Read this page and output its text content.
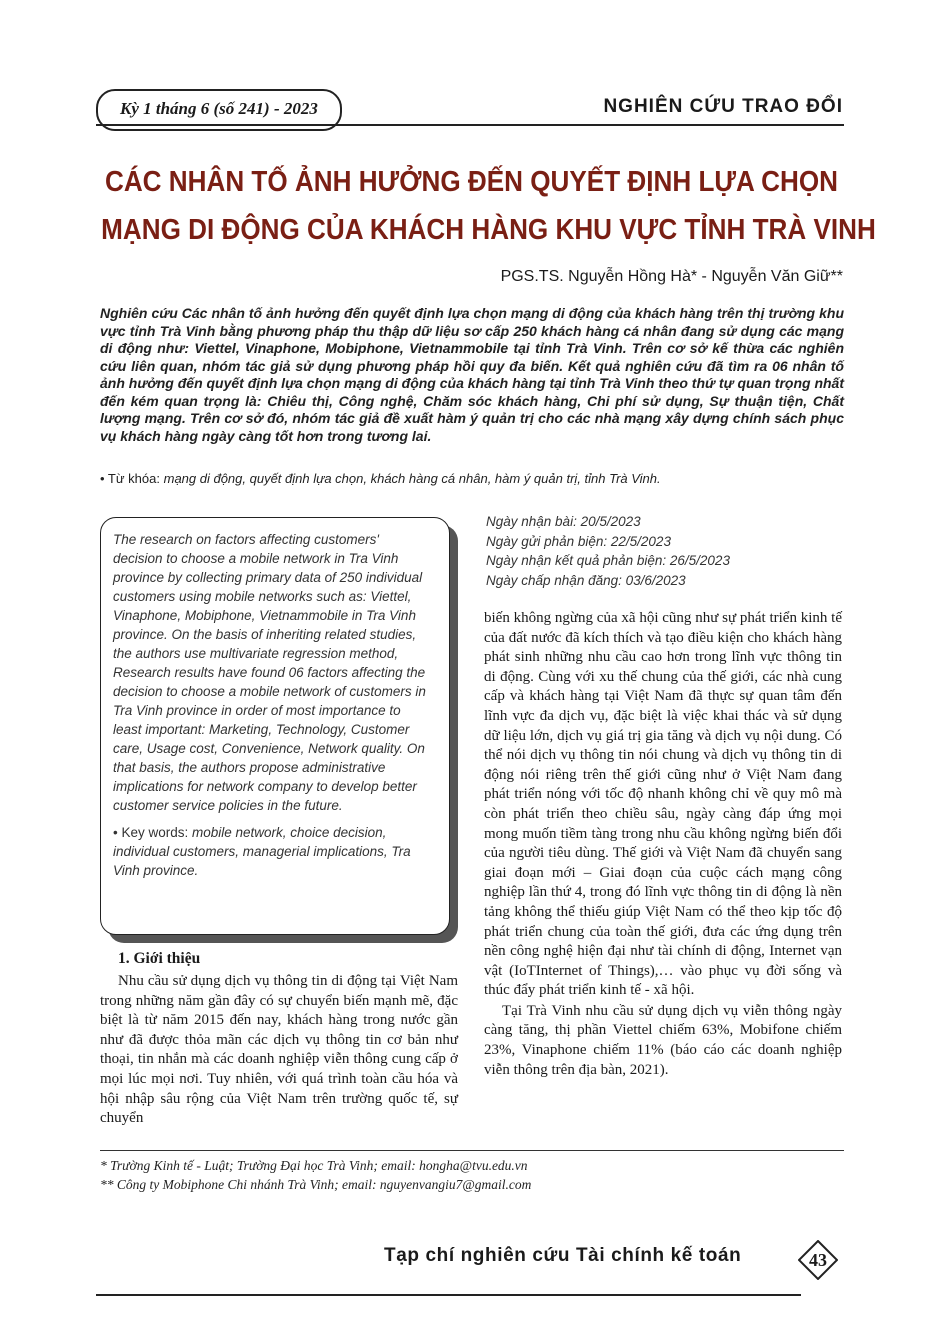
Kỳ 1 tháng 6 (số 241) - 2023	NGHIÊN CỨU TRAO ĐỔI
CÁC NHÂN TỐ ẢNH HƯỞNG ĐẾN QUYẾT ĐỊNH LỰA CHỌN
MẠNG DI ĐỘNG CỦA KHÁCH HÀNG KHU VỰC TỈNH TRÀ VINH
PGS.TS. Nguyễn Hồng Hà* - Nguyễn Văn Giữ**

Nghiên cứu Các nhân tố ảnh hưởng đến quyết định lựa chọn mạng di động của khách hàng trên thị trường khu vực tỉnh Trà Vinh bằng phương pháp thu thập dữ liệu sơ cấp 250 khách hàng cá nhân đang sử dụng các mạng di động như: Viettel, Vinaphone, Mobiphone, Vietnammobile tại tỉnh Trà Vinh. Trên cơ sở kế thừa các nghiên cứu liên quan, nhóm tác giả sử dụng phương pháp hồi quy đa biến. Kết quả nghiên cứu đã tìm ra 06 nhân tố ảnh hưởng đến quyết định lựa chọn mạng di động của khách hàng tại tỉnh Trà Vinh theo thứ tự quan trọng nhất đến kém quan trọng là: Chiêu thị, Công nghệ, Chăm sóc khách hàng, Chi phí sử dụng, Sự thuận tiện, Chất lượng mạng. Trên cơ sở đó, nhóm tác giả đề xuất hàm ý quản trị cho các nhà mạng xây dựng chính sách phục vụ khách hàng ngày càng tốt hơn trong tương lai.

• Từ khóa: mạng di động, quyết định lựa chọn, khách hàng cá nhân, hàm ý quản trị, tỉnh Trà Vinh.

The research on factors affecting customers' decision to choose a mobile network in Tra Vinh province by collecting primary data of 250 individual customers using mobile networks such as: Viettel, Vinaphone, Mobiphone, Vietnammobile in Tra Vinh province. On the basis of inheriting related studies, the authors use multivariate regression method, Research results have found 06 factors affecting the decision to choose a mobile network of customers in Tra Vinh province in order of most importance to least important: Marketing, Technology, Customer care, Usage cost, Convenience, Network quality. On that basis, the authors propose administrative implications for network company to develop better customer service policies in the future.

• Key words: mobile network, choice decision, individual customers, managerial implications, Tra Vinh province.

Ngày nhận bài: 20/5/2023
Ngày gửi phản biện: 22/5/2023
Ngày nhận kết quả phản biện: 26/5/2023
Ngày chấp nhận đăng: 03/6/2023

biến không ngừng của xã hội cũng như sự phát triển kinh tế của đất nước đã kích thích và tạo điều kiện cho khách hàng phát sinh những nhu cầu cao hơn trong lĩnh vực thông tin di động. Cùng với xu thế chung của thế giới, các nhà cung cấp và khách hàng tại Việt Nam đã thực sự quan tâm đến lĩnh vực đa dịch vụ, đặc biệt là việc khai thác và sử dụng dữ liệu lớn, dịch vụ giá trị gia tăng và dịch vụ nội dung. Có thể nói dịch vụ thông tin nói chung và dịch vụ thông tin di động nói riêng trên thế giới cũng như ở Việt Nam đang phát triển nóng với tốc độ nhanh không chỉ về quy mô mà còn phát triển theo chiều sâu, ngày càng đáp ứng mọi mong muốn tiềm tàng trong nhu cầu không ngừng biến đổi của người tiêu dùng. Thế giới và Việt Nam đã chuyển sang giai đoạn mới – Giai đoạn của cuộc cách mạng công nghiệp lần thứ 4, trong đó lĩnh vực thông tin di động là nền tảng không thể thiếu giúp Việt Nam có thể theo kịp tốc độ phát triển chung của toàn thế giới, đưa các ứng dụng trên nền công nghệ hiện đại như tài chính di động, Internet vạn vật (IoTInternet of Things),… vào phục vụ đời sống và thúc đẩy phát triển kinh tế - xã hội.

Tại Trà Vinh nhu cầu sử dụng dịch vụ viễn thông ngày càng tăng, thị phần Viettel chiếm 63%, Mobifone chiếm 23%, Vinaphone chiếm 11% (báo cáo các doanh nghiệp viễn thông trên địa bàn, 2021).

1. Giới thiệu

Nhu cầu sử dụng dịch vụ thông tin di động tại Việt Nam trong những năm gần đây có sự chuyển biến mạnh mẽ, đặc biệt là từ năm 2015 đến nay, khách hàng trong nước gần như đã được thỏa mãn các dịch vụ thông tin cơ bản như thoại, tin nhắn mà các doanh nghiệp viễn thông cung cấp ở mọi lúc mọi nơi. Tuy nhiên, với quá trình toàn cầu hóa và hội nhập sâu rộng của Việt Nam trên trường quốc tế, sự chuyển

* Trường Kinh tế - Luật; Trường Đại học Trà Vinh; email: hongha@tvu.edu.vn
** Công ty Mobiphone Chi nhánh Trà Vinh; email: nguyenvangiu7@gmail.com
Tạp chí nghiên cứu Tài chính kế toán	43
